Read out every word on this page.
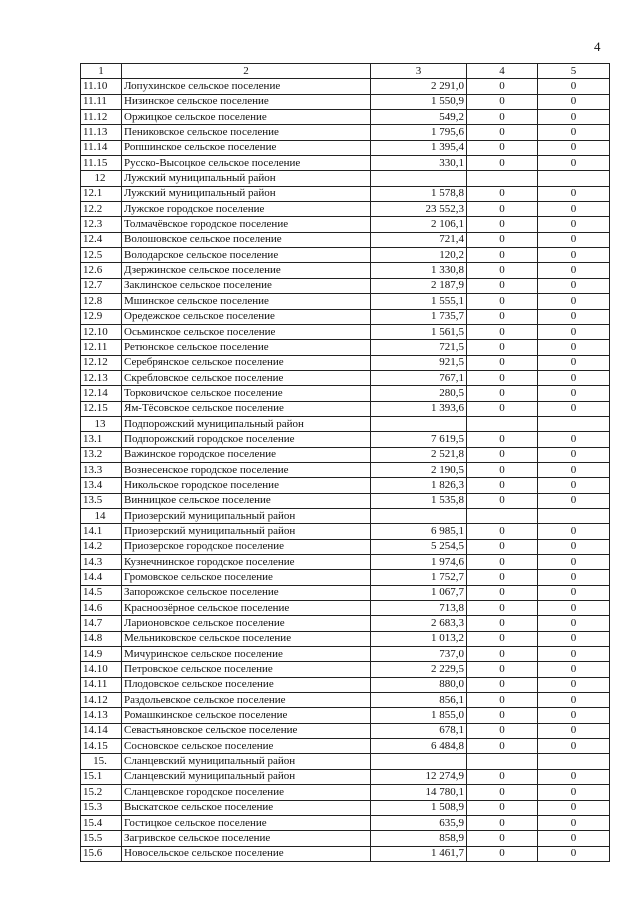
4
1	2	3	4	5
11.10	Лопухинское сельское поселение	2 291,0	0	0
11.11	Низинское сельское поселение	1 550,9	0	0
11.12	Оржицкое сельское поселение	549,2	0	0
11.13	Пениковское сельское поселение	1 795,6	0	0
11.14	Ропшинское сельское поселение	1 395,4	0	0
11.15	Русско-Высоцкое сельское поселение	330,1	0	0
12	Лужский муниципальный район			
12.1	Лужский муниципальный район	1 578,8	0	0
12.2	Лужское городское поселение	23 552,3	0	0
12.3	Толмачёвское городское поселение	2 106,1	0	0
12.4	Волошовское сельское поселение	721,4	0	0
12.5	Володарское сельское поселение	120,2	0	0
12.6	Дзержинское сельское поселение	1 330,8	0	0
12.7	Заклинское сельское поселение	2 187,9	0	0
12.8	Мшинское сельское поселение	1 555,1	0	0
12.9	Оредежское сельское поселение	1 735,7	0	0
12.10	Осьминское сельское поселение	1 561,5	0	0
12.11	Ретюнское сельское поселение	721,5	0	0
12.12	Серебрянское сельское поселение	921,5	0	0
12.13	Скребловское сельское поселение	767,1	0	0
12.14	Торковичское сельское поселение	280,5	0	0
12.15	Ям-Тёсовское сельское поселение	1 393,6	0	0
13	Подпорожский муниципальный район			
13.1	Подпорожский городское поселение	7 619,5	0	0
13.2	Важинское городское поселение	2 521,8	0	0
13.3	Вознесенское городское поселение	2 190,5	0	0
13.4	Никольское городское поселение	1 826,3	0	0
13.5	Винницкое сельское поселение	1 535,8	0	0
14	Приозерский муниципальный район			
14.1	Приозерский муниципальный район	6 985,1	0	0
14.2	Приозерское городское поселение	5 254,5	0	0
14.3	Кузнечнинское городское поселение	1 974,6	0	0
14.4	Громовское сельское поселение	1 752,7	0	0
14.5	Запорожское сельское поселение	1 067,7	0	0
14.6	Красноозёрное сельское поселение	713,8	0	0
14.7	Ларионовское сельское поселение	2 683,3	0	0
14.8	Мельниковское сельское поселение	1 013,2	0	0
14.9	Мичуринское сельское поселение	737,0	0	0
14.10	Петровское сельское поселение	2 229,5	0	0
14.11	Плодовское сельское поселение	880,0	0	0
14.12	Раздольевское сельское поселение	856,1	0	0
14.13	Ромашкинское сельское поселение	1 855,0	0	0
14.14	Севастьяновское сельское поселение	678,1	0	0
14.15	Сосновское сельское поселение	6 484,8	0	0
15.	Сланцевский муниципальный район			
15.1	Сланцевский муниципальный район	12 274,9	0	0
15.2	Сланцевское городское поселение	14 780,1	0	0
15.3	Выскатское сельское поселение	1 508,9	0	0
15.4	Гостицкое сельское поселение	635,9	0	0
15.5	Загривское сельское поселение	858,9	0	0
15.6	Новосельское сельское поселение	1 461,7	0	0
